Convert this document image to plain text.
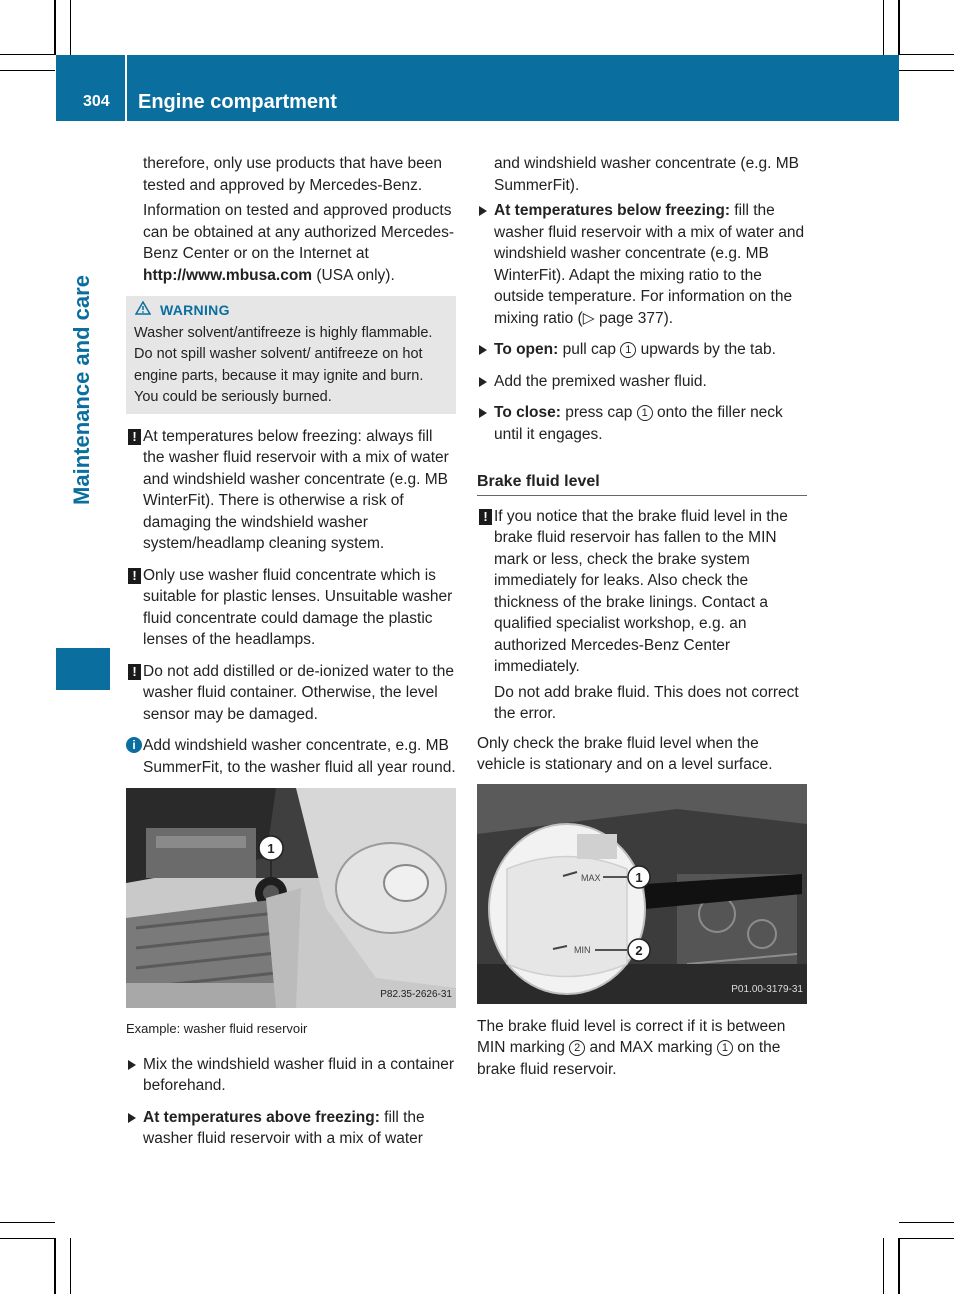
304 Engine compartment
Maintenance and care

therefore, only use products that have been tested and approved by Mercedes-Benz.

Information on tested and approved products can be obtained at any authorized Mercedes-Benz Center or on the Internet at http://www.mbusa.com (USA only).

WARNING
Washer solvent/antifreeze is highly flammable. Do not spill washer solvent/ antifreeze on hot engine parts, because it may ignite and burn. You could be seriously burned.
! At temperatures below freezing: always fill the washer fluid reservoir with a mix of water and windshield washer concentrate (e.g. MB WinterFit). There is otherwise a risk of damaging the windshield washer system/headlamp cleaning system.
! Only use washer fluid concentrate which is suitable for plastic lenses. Unsuitable washer fluid concentrate could damage the plastic lenses of the headlamps.
! Do not add distilled or de-ionized water to the washer fluid container. Otherwise, the level sensor may be damaged.
i Add windshield washer concentrate, e.g. MB SummerFit, to the washer fluid all year round.
1
P82.35-2626-31
Example: washer fluid reservoir
Mix the windshield washer fluid in a container beforehand.
At temperatures above freezing: fill the washer fluid reservoir with a mix of water

and windshield washer concentrate (e.g. MB SummerFit).

At temperatures below freezing: fill the washer fluid reservoir with a mix of water and windshield washer concentrate (e.g. MB WinterFit). Adapt the mixing ratio to the outside temperature. For information on the mixing ratio (▷ page 377).
To open: pull cap 1 upwards by the tab.
Add the premixed washer fluid.
To close: press cap 1 onto the filler neck until it engages.
Brake fluid level
! If you notice that the brake fluid level in the brake fluid reservoir has fallen to the MIN mark or less, check the brake system immediately for leaks. Also check the thickness of the brake linings. Contact a qualified specialist workshop, e.g. an authorized Mercedes-Benz Center immediately.

Do not add brake fluid. This does not correct the error.

Only check the brake fluid level when the vehicle is stationary and on a level surface.

MAX
MIN
1
2
P01.00-3179-31

The brake fluid level is correct if it is between MIN marking 2 and MAX marking 1 on the brake fluid reservoir.
